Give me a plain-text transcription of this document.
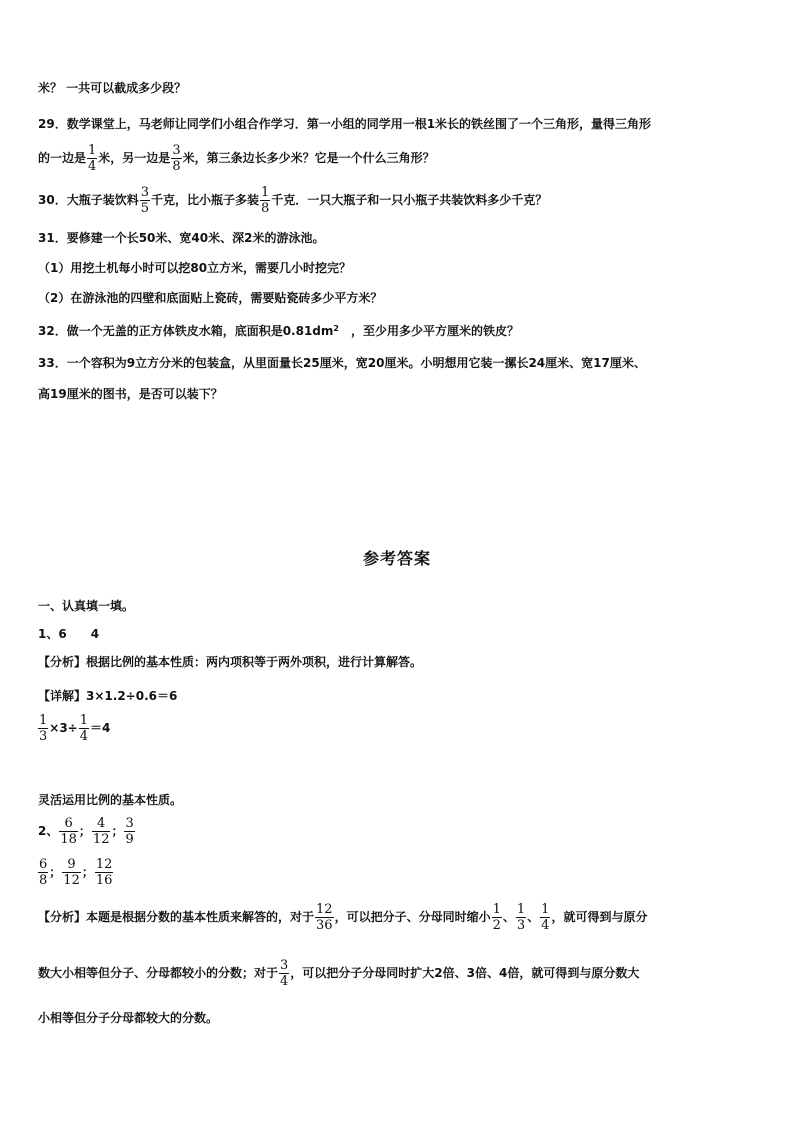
米？ 一共可以截成多少段？
29．数学课堂上，马老师让同学们小组合作学习．第一小组的同学用一根1米长的铁丝围了一个三角形，量得三角形
的一边是 $\frac{1}{4}$ 米，另一边是 $\frac{3}{8}$ 米，第三条边长多少米？它是一个什么三角形？
30．大瓶子装饮料 $\frac{3}{5}$ 千克，比小瓶子多装 $\frac{1}{8}$ 千克．一只大瓶子和一只小瓶子共装饮料多少千克？
31．要修建一个长50米、宽40米、深2米的游泳池。
（1）用挖土机每小时可以挖80立方米，需要几小时挖完？
（2）在游泳池的四壁和底面贴上瓷砖，需要贴瓷砖多少平方米？
32．做一个无盖的正方体铁皮水箱，底面积是$0.81dm^2$　，至少用多少平方厘米的铁皮？
33．一个容积为9立方分米的包装盒，从里面量长25厘米，宽20厘米。小明想用它装一摞长24厘米、宽17厘米、
高19厘米的图书，是否可以装下？
参考答案
一、认真填一填。
1、6　　4
【分析】根据比例的基本性质：两内项积等于两外项积，进行计算解答。
【详解】3×1.2÷0.6＝6
$\frac{1}{3} \times 3\div \frac{1}{4} =4$
灵活运用比例的基本性质。
2、 $\frac{6}{18}$ ； $\frac{4}{12}$ ； $\frac{3}{9}$
$\frac{6}{8}$ ； $\frac{9}{12}$ ； $\frac{12}{16}$
【分析】本题是根据分数的基本性质来解答的，对于 $\frac{12}{36}$ ，可以把分子、分母同时缩小 $\frac{1}{2}$ 、 $\frac{1}{3}$ 、 $\frac{1}{4}$ ，就可得到与原分
数大小相等但分子、分母都较小的分数；对于 $\frac{3}{4}$ ，可以把分子分母同时扩大2倍、3倍、4倍，就可得到与原分数大
小相等但分子分母都较大的分数。
